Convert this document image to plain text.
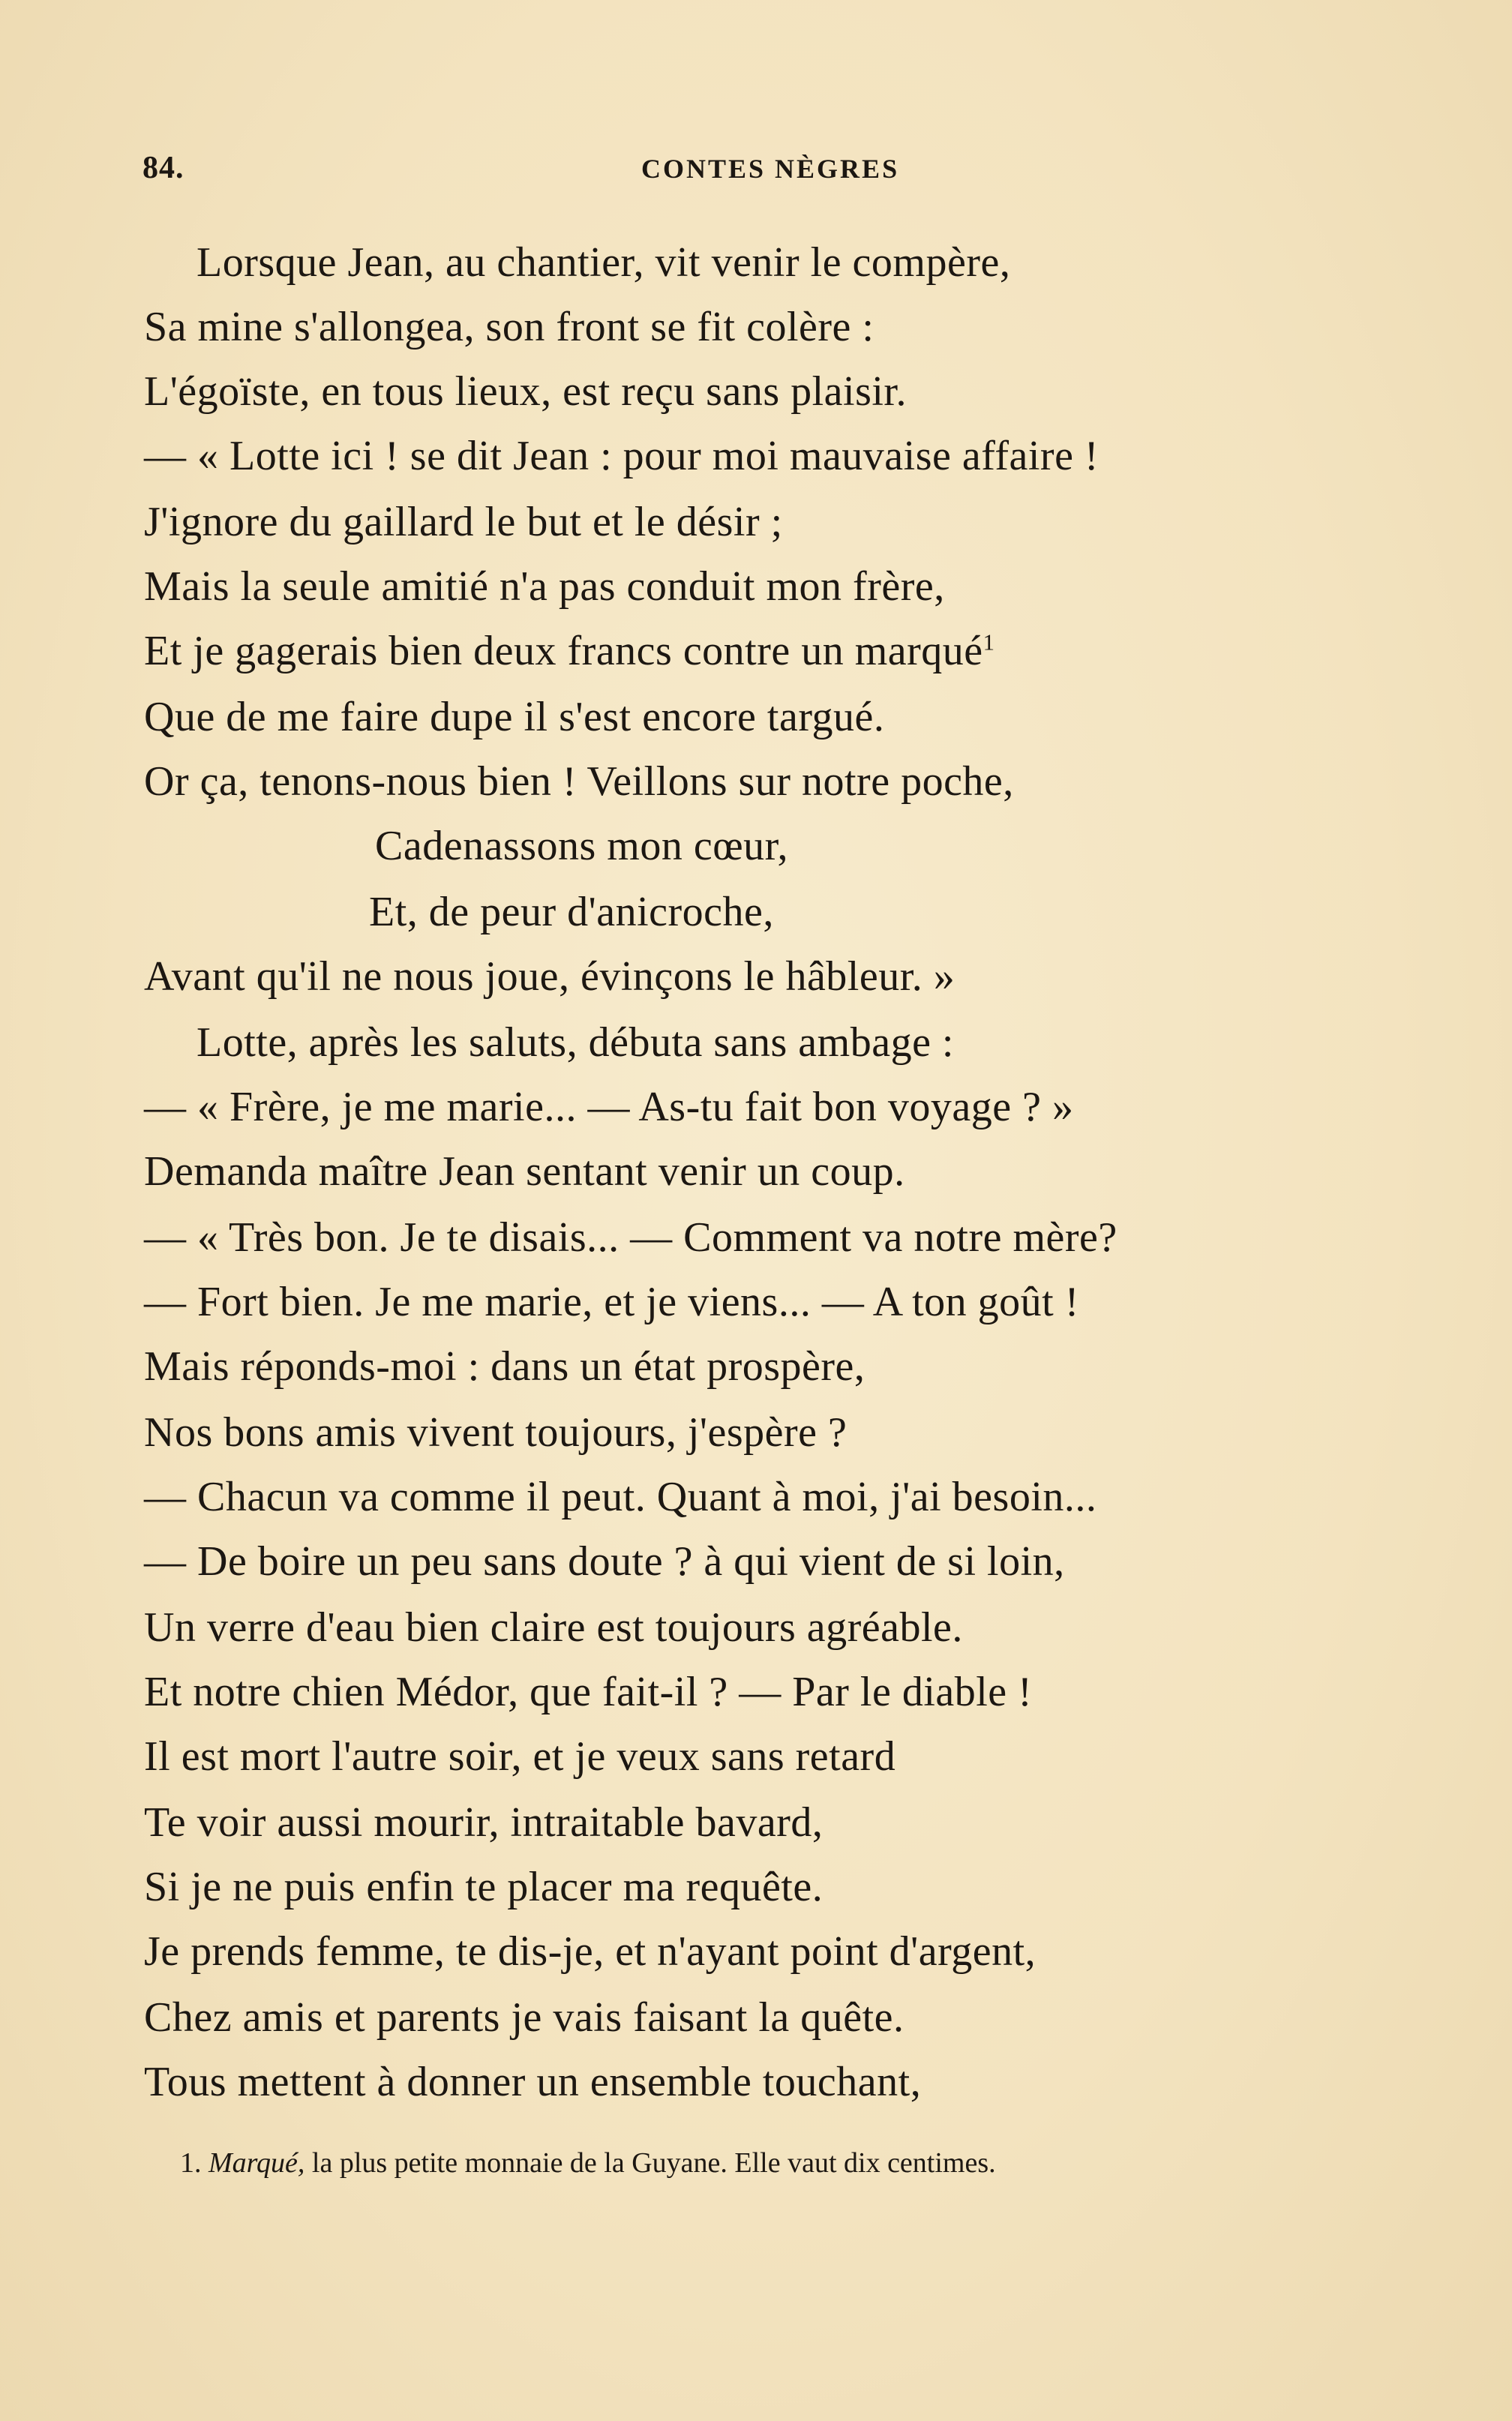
84.	CONTES NÈGRES
Lorsque Jean, au chantier, vit venir le compère,
Sa mine s'allongea, son front se fit colère :
L'égoïste, en tous lieux, est reçu sans plaisir.
— « Lotte ici ! se dit Jean : pour moi mauvaise affaire !
J'ignore du gaillard le but et le désir ;
Mais la seule amitié n'a pas conduit mon frère,
Et je gagerais bien deux francs contre un marqué$^1$
Que de me faire dupe il s'est encore targué.
Or ça, tenons-nous bien ! Veillons sur notre poche,
Cadenassons mon cœur,
Et, de peur d'anicroche,
Avant qu'il ne nous joue, évinçons le hâbleur. »
Lotte, après les saluts, débuta sans ambage :
— « Frère, je me marie... — As-tu fait bon voyage ? »
Demanda maître Jean sentant venir un coup.
— « Très bon. Je te disais... — Comment va notre mère?
— Fort bien. Je me marie, et je viens... — A ton goût !
Mais réponds-moi : dans un état prospère,
Nos bons amis vivent toujours, j'espère ?
— Chacun va comme il peut. Quant à moi, j'ai besoin...
— De boire un peu sans doute ? à qui vient de si loin,
Un verre d'eau bien claire est toujours agréable.
Et notre chien Médor, que fait-il ? — Par le diable !
Il est mort l'autre soir, et je veux sans retard
Te voir aussi mourir, intraitable bavard,
Si je ne puis enfin te placer ma requête.
Je prends femme, te dis-je, et n'ayant point d'argent,
Chez amis et parents je vais faisant la quête.
Tous mettent à donner un ensemble touchant,
1. Marqué, la plus petite monnaie de la Guyane. Elle vaut dix centimes.
